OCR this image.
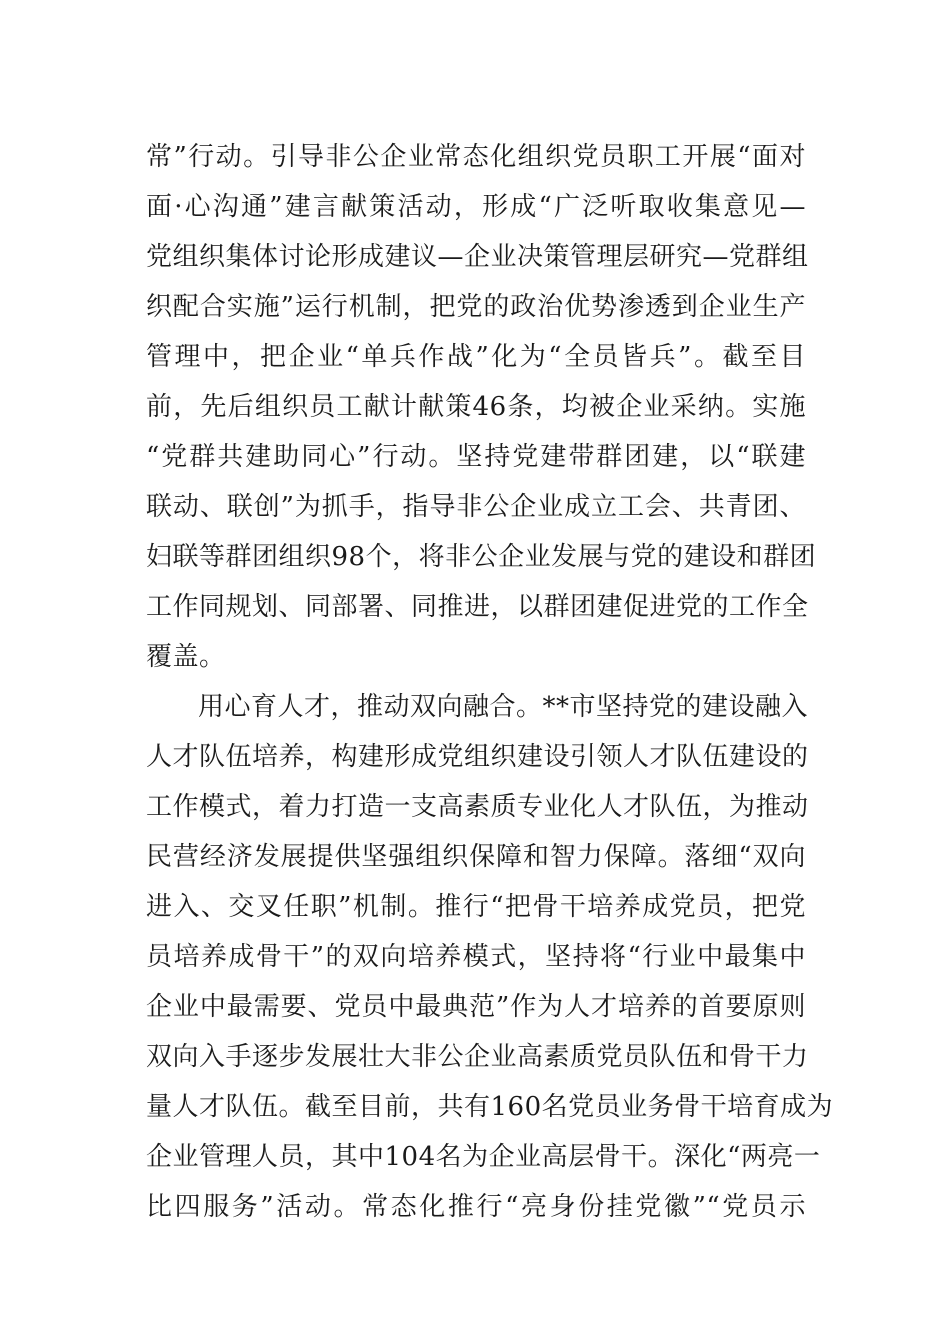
常”行动。引导非公企业常态化组织党员职工开展“面对
面·心沟通”建言献策活动，形成“广泛听取收集意见—
党组织集体讨论形成建议—企业决策管理层研究—党群组
织配合实施”运行机制，把党的政治优势渗透到企业生产
管理中，把企业“单兵作战”化为“全员皆兵”。截至目
前，先后组织员工献计献策46条，均被企业采纳。实施
“党群共建助同心”行动。坚持党建带群团建，以“联建
联动、联创”为抓手，指导非公企业成立工会、共青团、
妇联等群团组织98个，将非公企业发展与党的建设和群团
工作同规划、同部署、同推进，以群团建促进党的工作全
覆盖。
用心育人才，推动双向融合。**市坚持党的建设融入
人才队伍培养，构建形成党组织建设引领人才队伍建设的
工作模式，着力打造一支高素质专业化人才队伍，为推动
民营经济发展提供坚强组织保障和智力保障。落细“双向
进入、交叉任职”机制。推行“把骨干培养成党员，把党
员培养成骨干”的双向培养模式，坚持将“行业中最集中
企业中最需要、党员中最典范”作为人才培养的首要原则
双向入手逐步发展壮大非公企业高素质党员队伍和骨干力
量人才队伍。截至目前，共有160名党员业务骨干培育成为
企业管理人员，其中104名为企业高层骨干。深化“两亮一
比四服务”活动。常态化推行“亮身份挂党徽”“党员示
